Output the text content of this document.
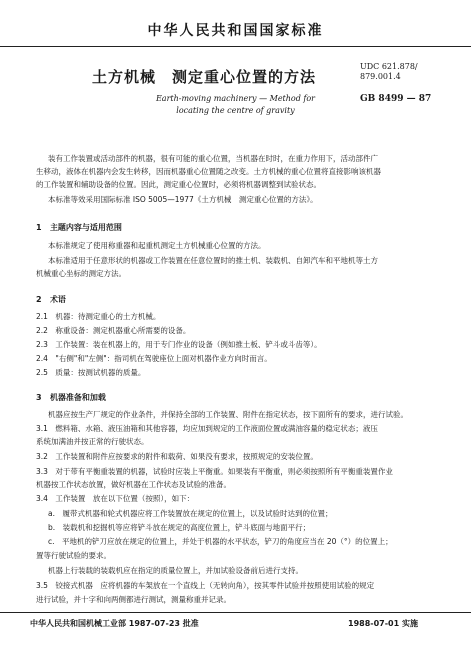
中华人民共和国国家标准
土方机械　测定重心位置的方法
UDC 621.878/
879.001.4
GB 8499 — 87
Earth-moving machinery — Method for
locating the centre of gravity
装有工作装置或活动部件的机器，很有可能的重心位置，当机器在时时，在重力作用下，活动部件广
生移动，液体在机器内会发生转移，因而机器重心位置随之改变。土方机械的重心位置将直接影响该机器
的工作装置和辅助设备的位置。因此，测定重心位置时，必须将机器调整到试验状态。
本标准等效采用国际标准 ISO 5005—1977《土方机械　测定重心位置的方法》。
1 主题内容与适用范围
本标准规定了使用称重器和起重机测定土方机械重心位置的方法。
本标准适用于任意形状的机器或工作装置在任意位置时的推土机、装载机、自卸汽车和平地机等土方
机械重心坐标的测定方法。
2 术语
2.1　机器：待测定重心的土方机械。
2.2　称重设备：测定机器重心所需要的设备。
2.3　工作装置：装在机器上的，用于专门作业的设备（例如推土板、铲斗或斗齿等）。
2.4　"右侧"和"左侧"：指司机在驾驶座位上面对机器作业方向时而言。
2.5　质量：按测试机器的质量。
3 机器准备和加载
机器应按生产厂规定的作业条件，并保持全部的工作装置、附件在指定状态，按下面所有的要求，进行试验。
3.1　燃料箱、水箱、液压油箱和其他容器，均应加到规定的工作液面位置或满油容量的稳定状态；液压
系统加满油并按正常的行驶状态。
3.2　工作装置和附件应按要求的附件和载荷、如果没有要求，按照规定的安装位置。
3.3　对于带有平衡重装置的机器，试验时应装上平衡重。如果装有平衡重，则必须按照所有平衡重装置作业
机器按工作状态放置，做好机器在工作状态及试验的准备。
3.4　工作装置　放在以下位置（按照），如下：
a.　履带式机器和轮式机器应将工作装置放在规定的位置上，以及试验时达到的位置；
b.　装载机和挖掘机等应将铲斗放在规定的高度位置上，铲斗底面与地面平行；
c.　平地机的铲刀应放在规定的位置上，并处于机器的水平状态，铲刀的角度应当在 20（°）的位置上；
置等行驶试验的要求。
机器上行装载的装载机应在指定的质量位置上，并加试验设备前后进行支持。
3.5　铰接式机器　应将机器的车架放在一个直线上（无转向角），按其零件试验并按照使用试验的规定
进行试验，并十字和向两侧都进行测试，测量称重并记录。
中华人民共和国机械工业部 1987-07-23 批准	1988-07-01 实施
